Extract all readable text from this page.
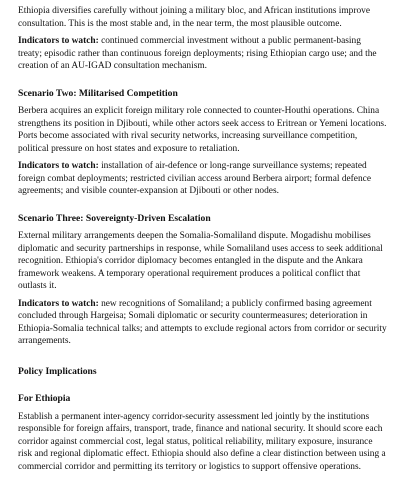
Ethiopia diversifies carefully without joining a military bloc, and African institutions improve consultation. This is the most stable and, in the near term, the most plausible outcome.

Indicators to watch: continued commercial investment without a public permanent-basing treaty; episodic rather than continuous foreign deployments; rising Ethiopian cargo use; and the creation of an AU-IGAD consultation mechanism.

Scenario Two: Militarised Competition

Berbera acquires an explicit foreign military role connected to counter-Houthi operations. China strengthens its position in Djibouti, while other actors seek access to Eritrean or Yemeni locations. Ports become associated with rival security networks, increasing surveillance competition, political pressure on host states and exposure to retaliation.

Indicators to watch: installation of air-defence or long-range surveillance systems; repeated foreign combat deployments; restricted civilian access around Berbera airport; formal defence agreements; and visible counter-expansion at Djibouti or other nodes.

Scenario Three: Sovereignty-Driven Escalation

External military arrangements deepen the Somalia-Somaliland dispute. Mogadishu mobilises diplomatic and security partnerships in response, while Somaliland uses access to seek additional recognition. Ethiopia's corridor diplomacy becomes entangled in the dispute and the Ankara framework weakens. A temporary operational requirement produces a political conflict that outlasts it.

Indicators to watch: new recognitions of Somaliland; a publicly confirmed basing agreement concluded through Hargeisa; Somali diplomatic or security countermeasures; deterioration in Ethiopia-Somalia technical talks; and attempts to exclude regional actors from corridor or security arrangements.

Policy Implications
For Ethiopia

Establish a permanent inter-agency corridor-security assessment led jointly by the institutions responsible for foreign affairs, transport, trade, finance and national security. It should score each corridor against commercial cost, legal status, political reliability, military exposure, insurance risk and regional diplomatic effect. Ethiopia should also define a clear distinction between using a commercial corridor and permitting its territory or logistics to support offensive operations.
